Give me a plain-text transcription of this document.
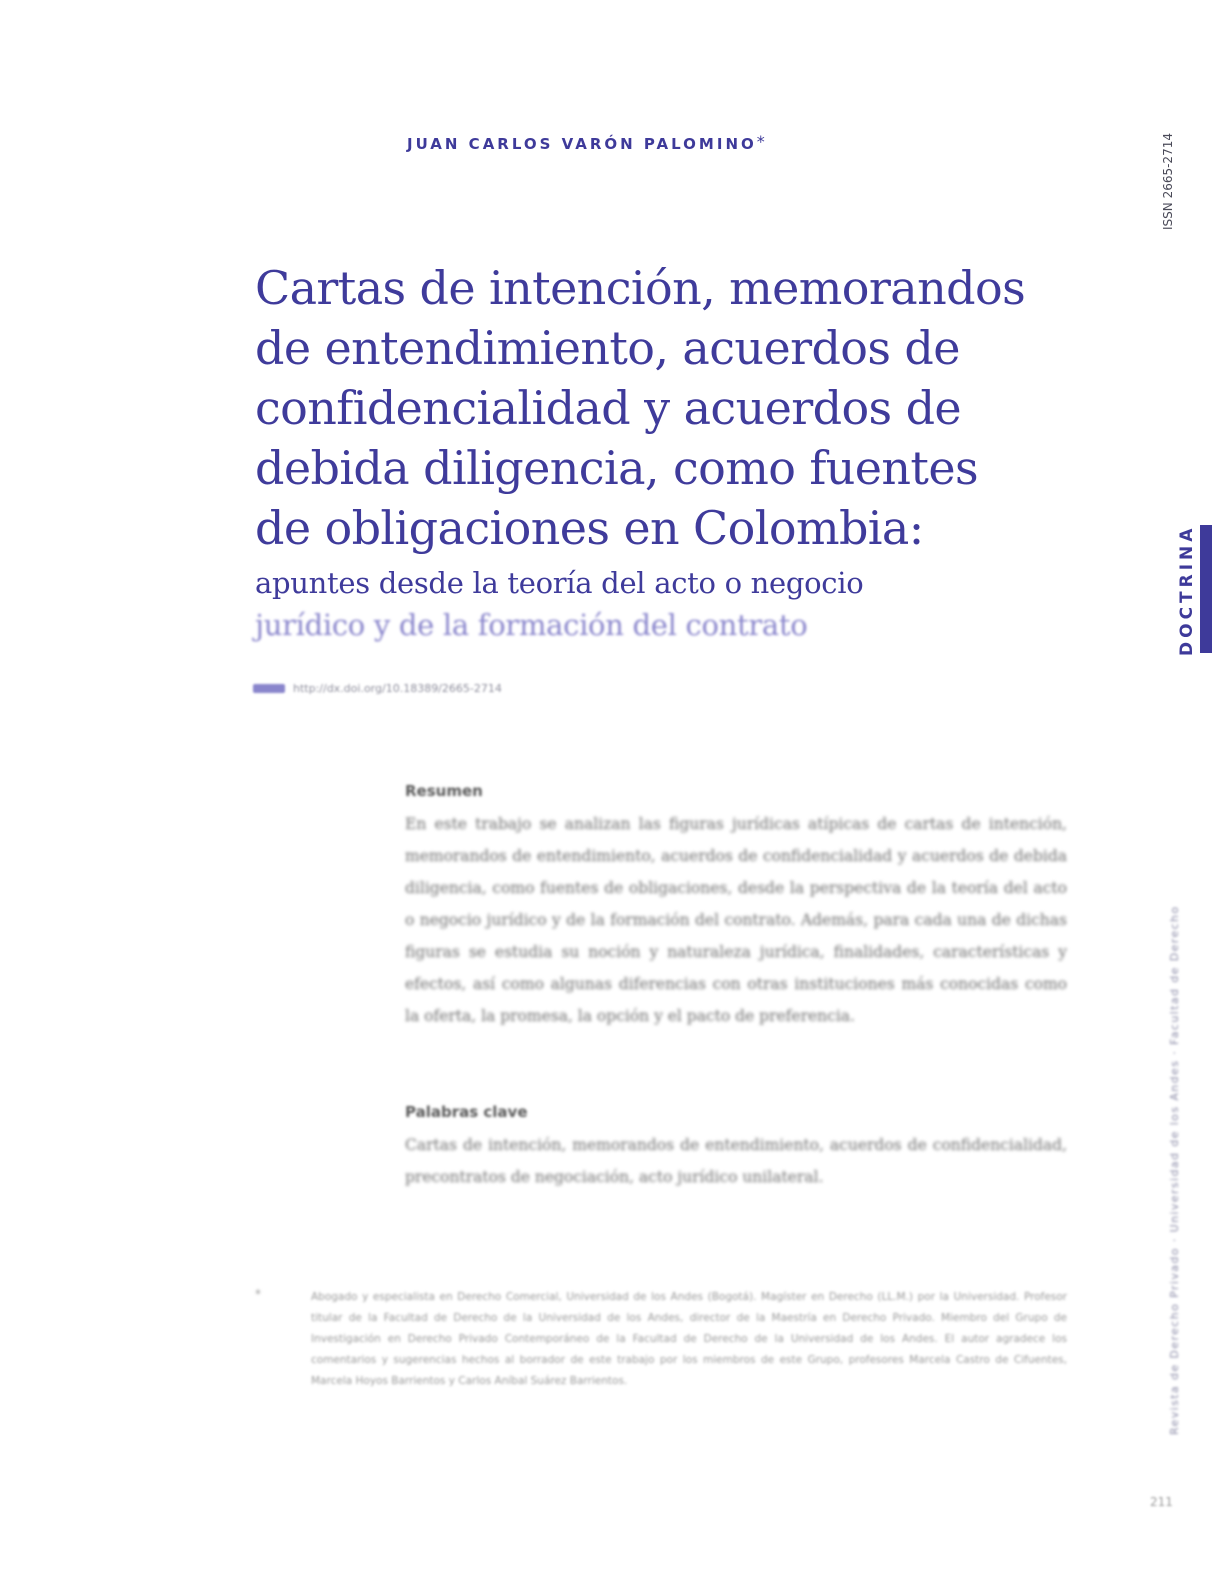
JUAN CARLOS VARÓN PALOMINO*	ISSN 2665-2714
Cartas de intención, memorandos
de entendimiento, acuerdos de
confidencialidad y acuerdos de
debida diligencia, como fuentes
de obligaciones en Colombia:

apuntes desde la teoría del acto o negocio
jurídico y de la formación del contrato

http://dx.doi.org/10.18389/2665-2714
DOCTRINA
Revista de Derecho Privado · Universidad de los Andes · Facultad de Derecho
Resumen

En este trabajo se analizan las figuras jurídicas atípicas de cartas de intención, memorandos de entendimiento, acuerdos de confidencialidad y acuerdos de debida diligencia, como fuentes de obligaciones, desde la perspectiva de la teoría del acto o negocio jurídico y de la formación del contrato. Además, para cada una de dichas figuras se estudia su noción y naturaleza jurídica, finalidades, características y efectos, así como algunas diferencias con otras instituciones más conocidas como la oferta, la promesa, la opción y el pacto de preferencia.

Palabras clave

Cartas de intención, memorandos de entendimiento, acuerdos de confidencialidad, precontratos de negociación, acto jurídico unilateral.

*	Abogado y especialista en Derecho Comercial, Universidad de los Andes (Bogotá). Magíster en Derecho (LL.M.) por la Universidad. Profesor titular de la Facultad de Derecho de la Universidad de los Andes, director de la Maestría en Derecho Privado. Miembro del Grupo de Investigación en Derecho Privado Contemporáneo de la Facultad de Derecho de la Universidad de los Andes. El autor agradece los comentarios y sugerencias hechos al borrador de este trabajo por los miembros de este Grupo, profesores Marcela Castro de Cifuentes, Marcela Hoyos Barrientos y Carlos Aníbal Suárez Barrientos.
211
